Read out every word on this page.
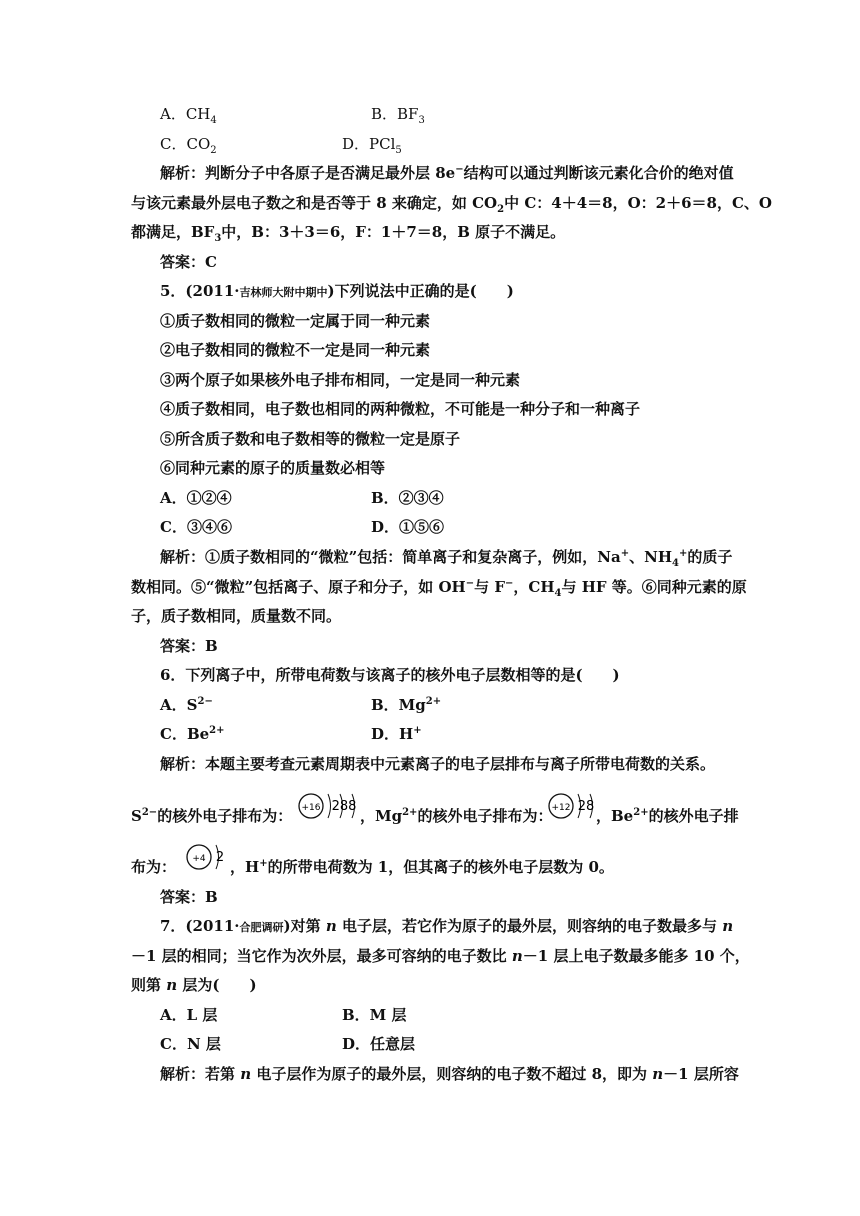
A．$CH_4$	B．$BF_3$
C．$CO_2$	D．PCl$_5$
解析：判断分子中各原子是否满足最外层 8e−结构可以通过判断该元素化合价的绝对值
与该元素最外层电子数之和是否等于 8 来确定，如 $CO_2$中 C：4＋4＝8，O：2＋6＝8，C、O
都满足，$BF_3$中，B：3＋3＝6，F：1＋7＝8，B 原子不满足。
答案：C
5．(2011·吉林师大附中期中)下列说法中正确的是(　　)
①质子数相同的微粒一定属于同一种元素
②电子数相同的微粒不一定是同一种元素
③两个原子如果核外电子排布相同，一定是同一种元素
④质子数相同，电子数也相同的两种微粒，不可能是一种分子和一种离子
⑤所含质子数和电子数相等的微粒一定是原子
⑥同种元素的原子的质量数必相等
A．①②④	B．②③④
C．③④⑥	D．①⑤⑥
解析：①质子数相同的“微粒”包括：简单离子和复杂离子，例如，Na+、$NH_4^+$的质子
数相同。⑤“微粒”包括离子、原子和分子，如 OH−与 F−，$CH_4$与 HF 等。⑥同种元素的原
子，质子数相同，质量数不同。
答案：B
6．下列离子中，所带电荷数与该离子的核外电子层数相等的是(　　)
A．$S^{2-}$	B．$Mg^{2+}$
C．$Be^{2+}$	D．H+
解析：本题主要考查元素周期表中元素离子的电子层排布与离子所带电荷数的关系。
$S^{2-}$的核外电子排布为： +16 288
，$Mg^{2+}$的核外电子排布为： +12 28
，$Be^{2+}$的核外电子排
布为： +4 2
，H+的所带电荷数为 1，但其离子的核外电子层数为 0。
答案：B
7．(2011·合肥调研)对第 n 电子层，若它作为原子的最外层，则容纳的电子数最多与 n
－1 层的相同；当它作为次外层，最多可容纳的电子数比 n－1 层上电子数最多能多 10 个，
则第 n 层为(　　)
A．L 层	B．M 层
C．N 层	D．任意层
解析：若第 n 电子层作为原子的最外层，则容纳的电子数不超过 8，即为 n－1 层所容
